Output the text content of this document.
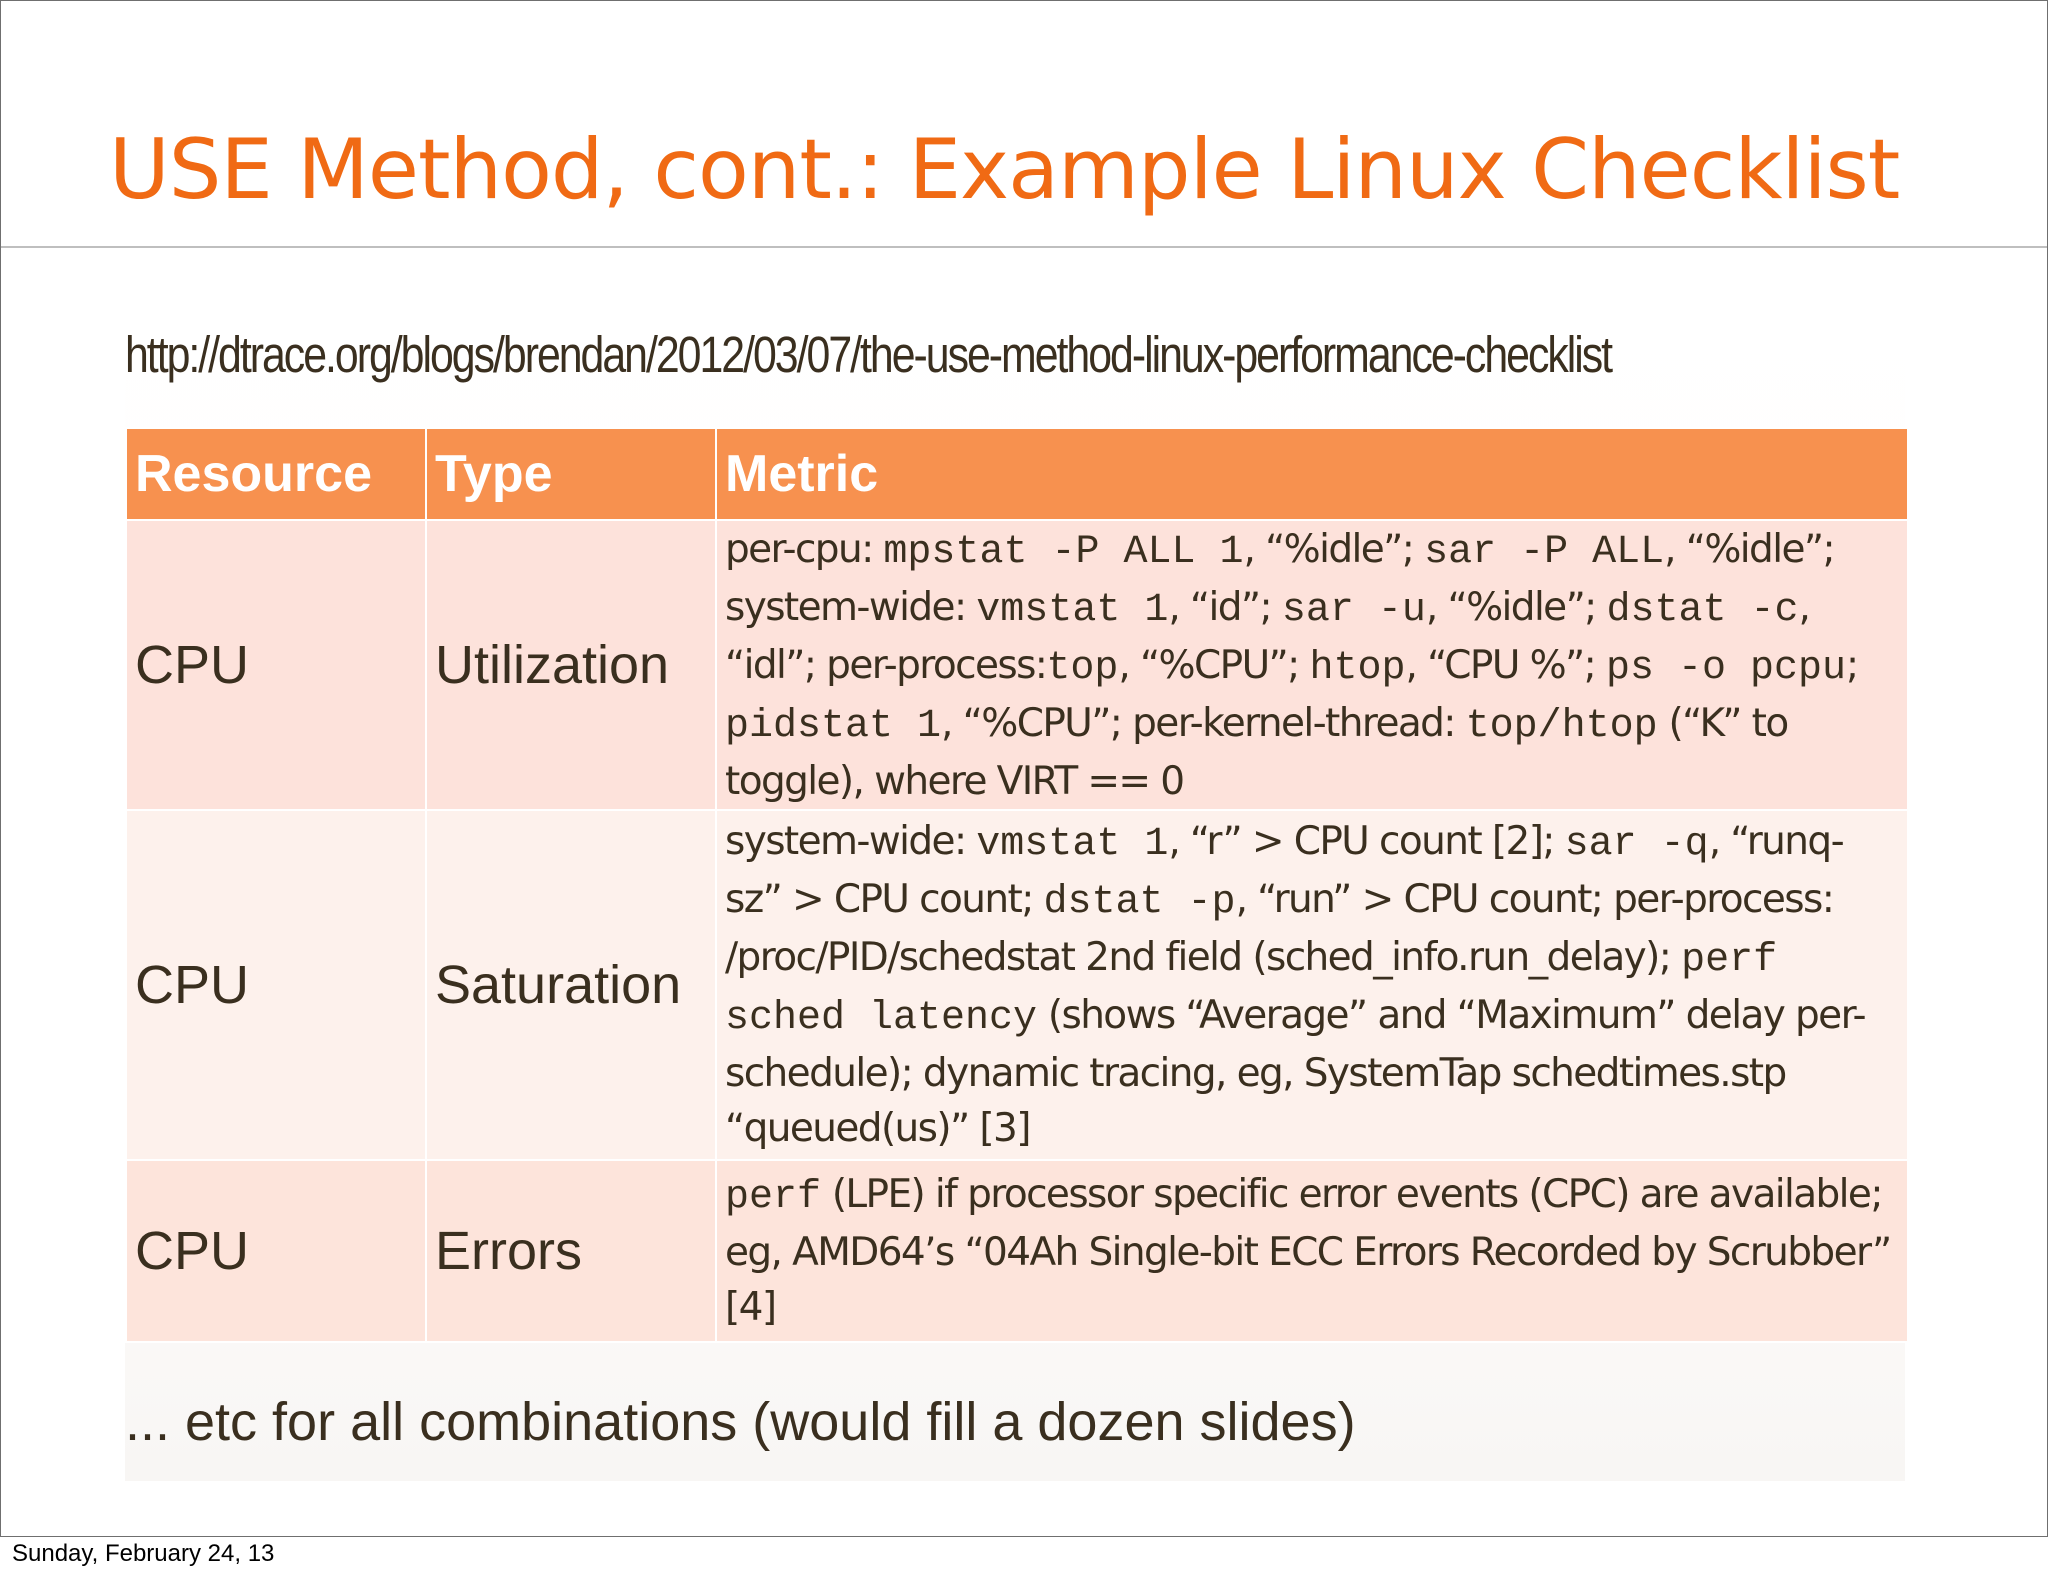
USE Method, cont.: Example Linux Checklist

http://dtrace.org/blogs/brendan/2012/03/07/the-use-method-linux-performance-checklist

Resource	Type	Metric
CPU	Utilization	per-cpu: mpstat -P ALL 1, “%idle”; sar -P ALL, “%idle”; system-wide: vmstat 1, “id”; sar -u, “%idle”; dstat -c, “idl”; per-process:top, “%CPU”; htop, “CPU %”; ps -o pcpu; pidstat 1, “%CPU”; per-kernel-thread: top/htop (“K” to toggle), where VIRT == 0
CPU	Saturation	system-wide: vmstat 1, “r” > CPU count [2]; sar -q, “runq-sz” > CPU count; dstat -p, “run” > CPU count; per-process: /proc/PID/schedstat 2nd field (sched_info.run_delay); perf sched latency (shows “Average” and “Maximum” delay per-schedule); dynamic tracing, eg, SystemTap schedtimes.stp “queued(us)” [3]
CPU	Errors	perf (LPE) if processor specific error events (CPC) are available; eg, AMD64’s “04Ah Single-bit ECC Errors Recorded by Scrubber” [4]

... etc for all combinations (would fill a dozen slides)

Sunday, February 24, 13
